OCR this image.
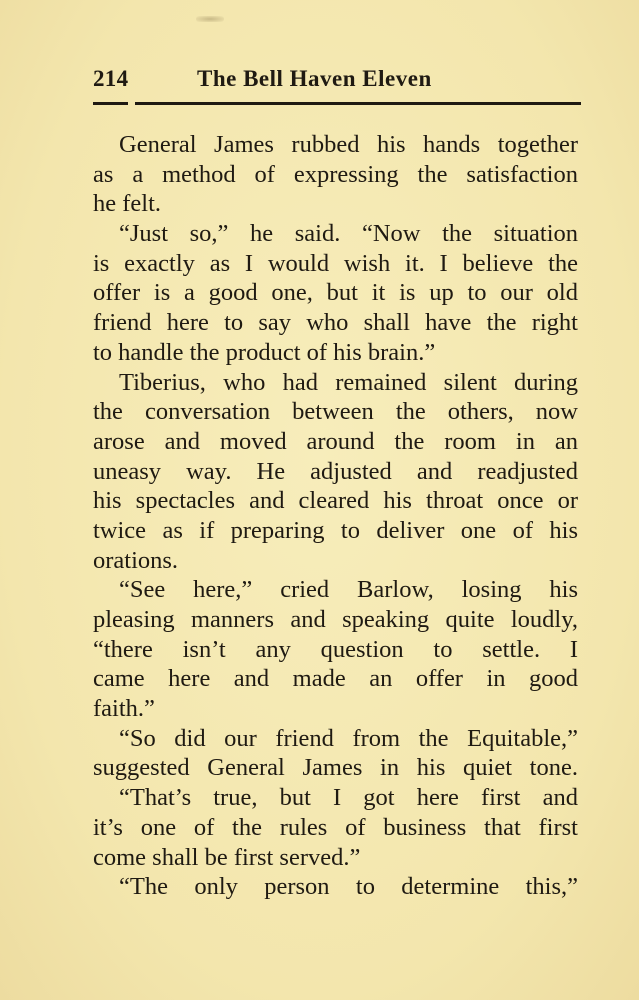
214	The Bell Haven Eleven
General James rubbed his hands together
as a method of expressing the satisfaction
he felt.
“Just so,” he said. “Now the situation
is exactly as I would wish it. I believe the
offer is a good one, but it is up to our old
friend here to say who shall have the right
to handle the product of his brain.”
Tiberius, who had remained silent during
the conversation between the others, now
arose and moved around the room in an
uneasy way. He adjusted and readjusted
his spectacles and cleared his throat once or
twice as if preparing to deliver one of his
orations.
“See here,” cried Barlow, losing his
pleasing manners and speaking quite loudly,
“there isn’t any question to settle. I
came here and made an offer in good
faith.”
“So did our friend from the Equitable,”
suggested General James in his quiet tone.
“That’s true, but I got here first and
it’s one of the rules of business that first
come shall be first served.”
“The only person to determine this,”
